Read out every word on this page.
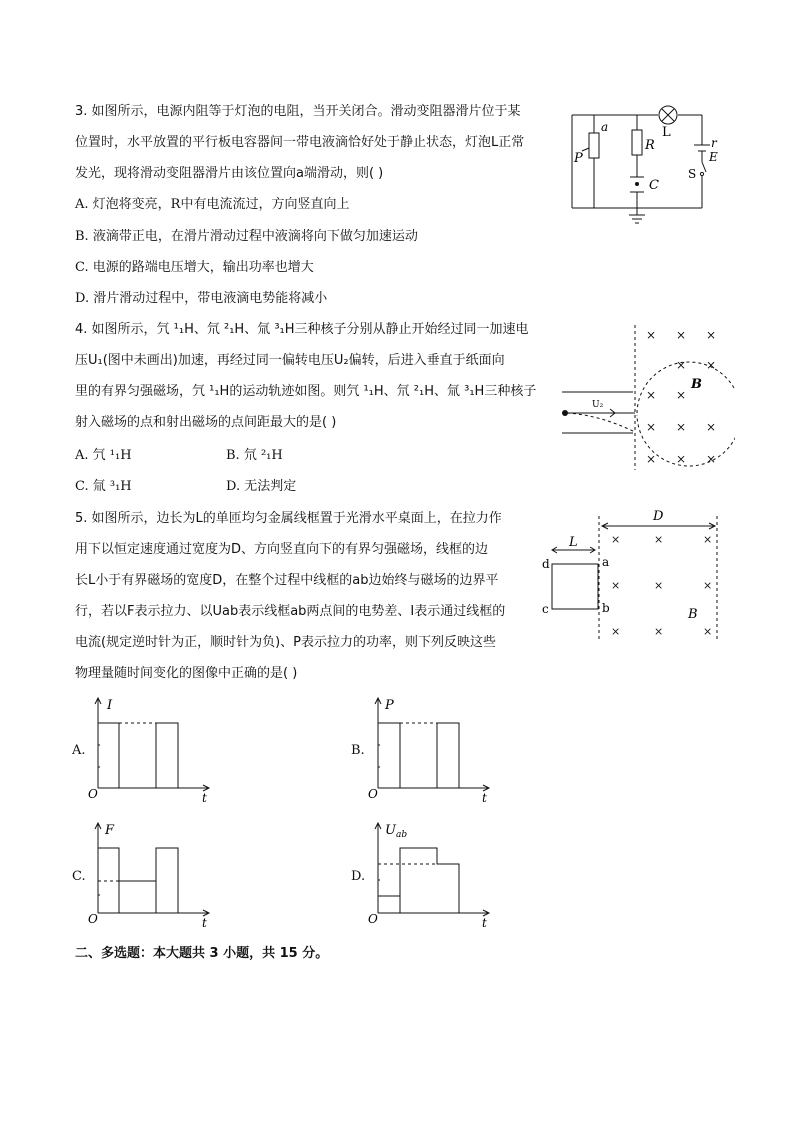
3. 如图所示，电源内阻等于灯泡的电阻，当开关闭合。滑动变阻器滑片位于某
位置时，水平放置的平行板电容器间一带电液滴恰好处于静止状态，灯泡L正常
发光，现将滑动变阻器滑片由该位置向a端滑动，则( )
A. 灯泡将变亮，R中有电流流过，方向竖直向上
B. 液滴带正电，在滑片滑动过程中液滴将向下做匀加速运动
C. 电源的路端电压增大，输出功率也增大
D. 滑片滑动过程中，带电液滴电势能将减小
a
P
R
C
L
r
E
S
4. 如图所示，氕 ¹₁H、氘 ²₁H、氚 ³₁H三种核子分别从静止开始经过同一加速电
压U₁(图中未画出)加速，再经过同一偏转电压U₂偏转，后进入垂直于纸面向
里的有界匀强磁场，氕 ¹₁H的运动轨迹如图。则氕 ¹₁H、氘 ²₁H、氚 ³₁H三种核子
射入磁场的点和射出磁场的点间距最大的是( )
A. 氕 ¹₁H	B. 氘 ²₁H
C. 氚 ³₁H	D. 无法判定
× × ×
× ×
× ×
× × ×
× ×
×
U₂
B
5. 如图所示，边长为L的单匝均匀金属线框置于光滑水平桌面上，在拉力作
用下以恒定速度通过宽度为D、方向竖直向下的有界匀强磁场，线框的边
长L小于有界磁场的宽度D，在整个过程中线框的ab边始终与磁场的边界平
行，若以F表示拉力、以Uab表示线框ab两点间的电势差、I表示通过线框的
电流(规定逆时针为正，顺时针为负)、P表示拉力的功率，则下列反映这些
物理量随时间变化的图像中正确的是( )
×	×	×
×	×	×
×	×	×
L
D
d
c
a
b	B
A.
I
t
O
B.
P
t
O
C.
F
t
O
D.
$U_{ab}$
t
O
二、多选题：本大题共 3 小题，共 15 分。
